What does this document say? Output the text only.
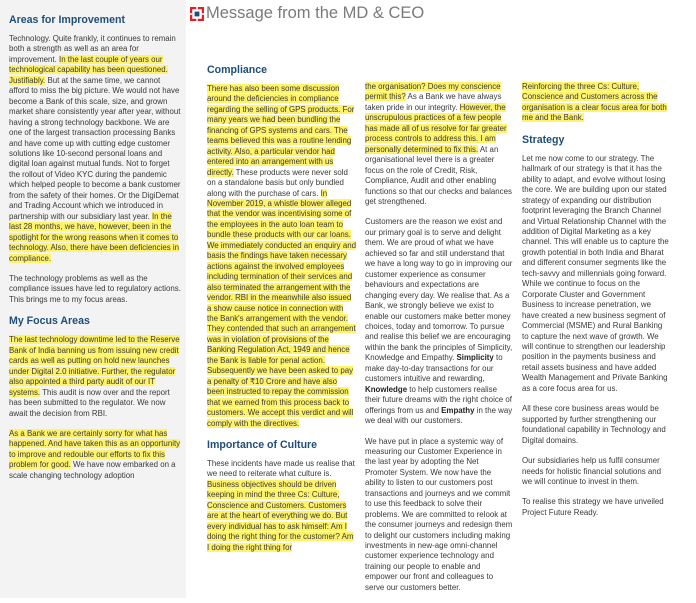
Message from the MD & CEO
Areas for Improvement

Technology. Quite frankly, it continues to remain both a strength as well as an area for improvement. In the last couple of years our technological capability has been questioned. Justifiably. But at the same time, we cannot afford to miss the big picture. We would not have become a Bank of this scale, size, and grown market share consistently year after year, without having a strong technology backbone. We are one of the largest transaction processing Banks and have come up with cutting edge customer solutions like 10-second personal loans and digital loan against mutual funds. Not to forget the rollout of Video KYC during the pandemic which helped people to become a bank customer from the safety of their homes. Or the DigiDemat and Trading Account which we introduced in partnership with our subsidiary last year. In the last 28 months, we have, however, been in the spotlight for the wrong reasons when it comes to technology. Also, there have been deficiencies in compliance.

The technology problems as well as the compliance issues have led to regulatory actions. This brings me to my focus areas.

My Focus Areas

The last technology downtime led to the Reserve Bank of India banning us from issuing new credit cards as well as putting on hold new launches under Digital 2.0 initiative. Further, the regulator also appointed a third party audit of our IT systems. This audit is now over and the report has been submitted to the regulator. We now await the decision from RBI.

As a Bank we are certainly sorry for what has happened. And have taken this as an opportunity to improve and redouble our efforts to fix this problem for good. We have now embarked on a scale changing technology adoption

Compliance

There has also been some discussion around the deficiencies in compliance regarding the selling of GPS products. For many years we had been bundling the financing of GPS systems and cars. The teams believed this was a routine lending activity. Also, a particular vendor had entered into an arrangement with us directly. These products were never sold on a standalone basis but only bundled along with the purchase of cars. In November 2019, a whistle blower alleged that the vendor was incentivising some of the employees in the auto loan team to bundle these products with our car loans. We immediately conducted an enquiry and basis the findings have taken necessary actions against the involved employees including termination of their services and also terminated the arrangement with the vendor. RBI in the meanwhile also issued a show cause notice in connection with the Bank's arrangement with the vendor. They contended that such an arrangement was in violation of provisions of the Banking Regulation Act, 1949 and hence the Bank is liable for penal action. Subsequently we have been asked to pay a penalty of ₹10 Crore and have also been instructed to repay the commission that we earned from this process back to customers. We accept this verdict and will comply with the directives.

Importance of Culture

These incidents have made us realise that we need to reiterate what culture is. Business objectives should be driven keeping in mind the three Cs: Culture, Conscience and Customers. Customers are at the heart of everything we do. But every individual has to ask himself: Am I doing the right thing for the customer? Am I doing the right thing for

the organisation? Does my conscience permit this? As a Bank we have always taken pride in our integrity. However, the unscrupulous practices of a few people has made all of us resolve for far greater process controls to address this. I am personally determined to fix this. At an organisational level there is a greater focus on the role of Credit, Risk, Compliance, Audit and other enabling functions so that our checks and balances get strengthened.

Customers are the reason we exist and our primary goal is to serve and delight them. We are proud of what we have achieved so far and still understand that we have a long way to go in improving our customer experience as consumer behaviours and expectations are changing every day. We realise that. As a Bank, we strongly believe we exist to enable our customers make better money choices, today and tomorrow. To pursue and realise this belief we are encouraging within the bank the principles of Simplicity, Knowledge and Empathy. Simplicity to make day-to-day transactions for our customers intuitive and rewarding, Knowledge to help customers realise their future dreams with the right choice of offerings from us and Empathy in the way we deal with our customers.

We have put in place a systemic way of measuring our Customer Experience in the last year by adopting the Net Promoter System. We now have the ability to listen to our customers post transactions and journeys and we commit to use this feedback to solve their problems. We are committed to relook at the consumer journeys and redesign them to delight our customers including making investments in new-age omni-channel customer experience technology and training our people to enable and empower our front and colleagues to serve our customers better.

Reinforcing the three Cs: Culture, Conscience and Customers across the organisation is a clear focus area for both me and the Bank.

Strategy

Let me now come to our strategy. The hallmark of our strategy is that it has the ability to adapt, and evolve without losing the core. We are building upon our stated strategy of expanding our distribution footprint leveraging the Branch Channel and Virtual Relationship Channel with the addition of Digital Marketing as a key channel. This will enable us to capture the growth potential in both India and Bharat and different consumer segments like the tech-savvy and millennials going forward. While we continue to focus on the Corporate Cluster and Government Business to increase penetration, we have created a new business segment of Commercial (MSME) and Rural Banking to capture the next wave of growth. We will continue to strengthen our leadership position in the payments business and retail assets business and have added Wealth Management and Private Banking as a core focus area for us.

All these core business areas would be supported by further strengthening our foundational capability in Technology and Digital domains.

Our subsidiaries help us fulfil consumer needs for holistic financial solutions and we will continue to invest in them.

To realise this strategy we have unveiled Project Future Ready.
